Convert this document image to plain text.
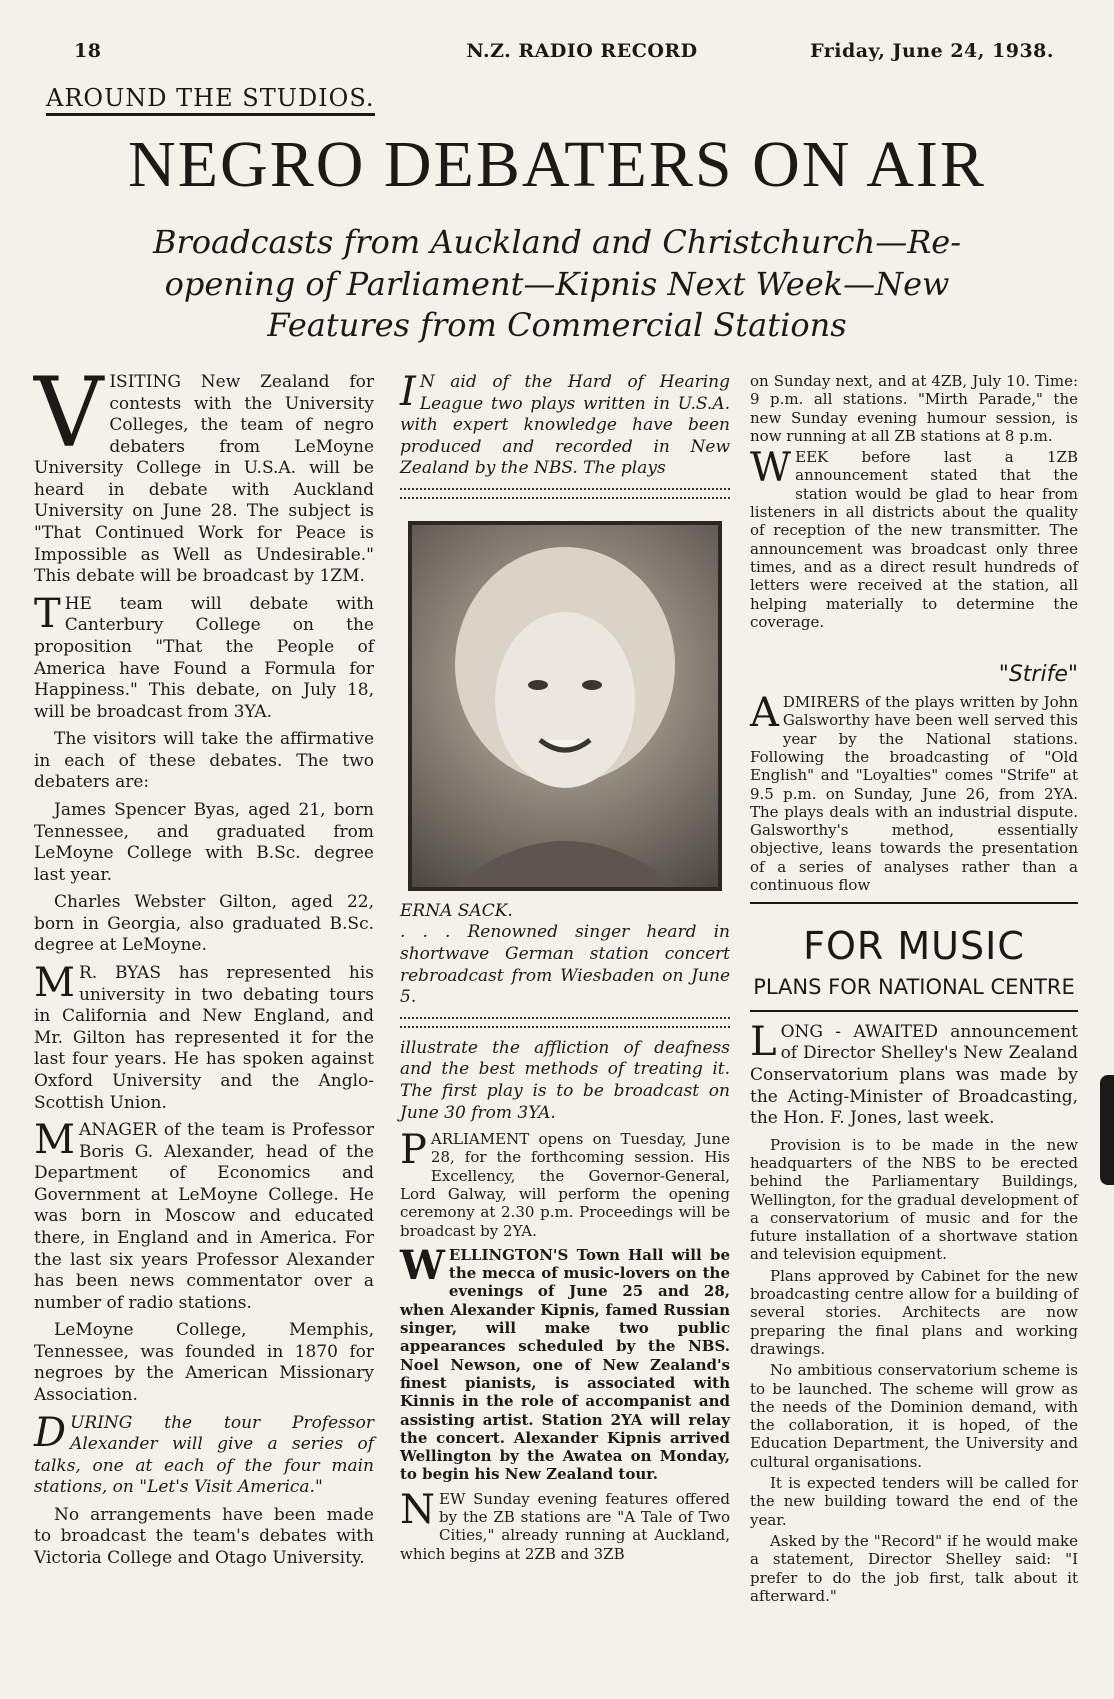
18	N.Z. RADIO RECORD	Friday, June 24, 1938.
AROUND THE STUDIOS.
NEGRO DEBATERS ON AIR
Broadcasts from Auckland and Christchurch—Re-opening of Parliament—Kipnis Next Week—New Features from Commercial Stations

VISITING New Zealand for contests with the University Colleges, the team of negro debaters from LeMoyne University College in U.S.A. will be heard in debate with Auckland University on June 28. The subject is "That Continued Work for Peace is Impossible as Well as Undesirable." This debate will be broadcast by 1ZM.

THE team will debate with Canterbury College on the proposition "That the People of America have Found a Formula for Happiness." This debate, on July 18, will be broadcast from 3YA.

The visitors will take the affirmative in each of these debates. The two debaters are:

James Spencer Byas, aged 21, born Tennessee, and graduated from LeMoyne College with B.Sc. degree last year.

Charles Webster Gilton, aged 22, born in Georgia, also graduated B.Sc. degree at LeMoyne.

M R. BYAS has represented his university in two debating tours in California and New England, and Mr. Gilton has represented it for the last four years. He has spoken against Oxford University and the Anglo-Scottish Union.

MANAGER of the team is Professor Boris G. Alexander, head of the Department of Economics and Government at LeMoyne College. He was born in Moscow and educated there, in England and in America. For the last six years Professor Alexander has been news commentator over a number of radio stations.

LeMoyne College, Memphis, Tennessee, was founded in 1870 for negroes by the American Missionary Association.

DURING the tour Professor Alexander will give a series of talks, one at each of the four main stations, on "Let's Visit America."

No arrangements have been made to broadcast the team's debates with Victoria College and Otago University.

I N aid of the Hard of Hearing League two plays written in U.S.A. with expert knowledge have been produced and recorded in New Zealand by the NBS. The plays

ERNA SACK.

. . . Renowned singer heard in shortwave German station concert rebroadcast from Wiesbaden on June 5.

illustrate the affliction of deafness and the best methods of treating it. The first play is to be broadcast on June 30 from 3YA.

PARLIAMENT opens on Tuesday, June 28, for the forthcoming session. His Excellency, the Governor-General, Lord Galway, will perform the opening ceremony at 2.30 p.m. Proceedings will be broadcast by 2YA.

WELLINGTON'S Town Hall will be the mecca of music-lovers on the evenings of June 25 and 28, when Alexander Kipnis, famed Russian singer, will make two public appearances scheduled by the NBS. Noel Newson, one of New Zealand's finest pianists, is associated with Kinnis in the role of accompanist and assisting artist. Station 2YA will relay the concert. Alexander Kipnis arrived Wellington by the Awatea on Monday, to begin his New Zealand tour.

NEW Sunday evening features offered by the ZB stations are "A Tale of Two Cities," already running at Auckland, which begins at 2ZB and 3ZB

on Sunday next, and at 4ZB, July 10. Time: 9 p.m. all stations. "Mirth Parade," the new Sunday evening humour session, is now running at all ZB stations at 8 p.m.

WEEK before last a 1ZB announcement stated that the station would be glad to hear from listeners in all districts about the quality of reception of the new transmitter. The announcement was broadcast only three times, and as a direct result hundreds of letters were received at the station, all helping materially to determine the coverage.

"Strife"

ADMIRERS of the plays written by John Galsworthy have been well served this year by the National stations. Following the broadcasting of "Old English" and "Loyalties" comes "Strife" at 9.5 p.m. on Sunday, June 26, from 2YA. The plays deals with an industrial dispute. Galsworthy's method, essentially objective, leans towards the presentation of a series of analyses rather than a continuous flow

FOR MUSIC
PLANS FOR NATIONAL CENTRE

LONG - AWAITED announcement of Director Shelley's New Zealand Conservatorium plans was made by the Acting-Minister of Broadcasting, the Hon. F. Jones, last week.

Provision is to be made in the new headquarters of the NBS to be erected behind the Parliamentary Buildings, Wellington, for the gradual development of a conservatorium of music and for the future installation of a shortwave station and television equipment.

Plans approved by Cabinet for the new broadcasting centre allow for a building of several stories. Architects are now preparing the final plans and working drawings.

No ambitious conservatorium scheme is to be launched. The scheme will grow as the needs of the Dominion demand, with the collaboration, it is hoped, of the Education Department, the University and cultural organisations.

It is expected tenders will be called for the new building toward the end of the year.

Asked by the "Record" if he would make a statement, Director Shelley said: "I prefer to do the job first, talk about it afterward."
